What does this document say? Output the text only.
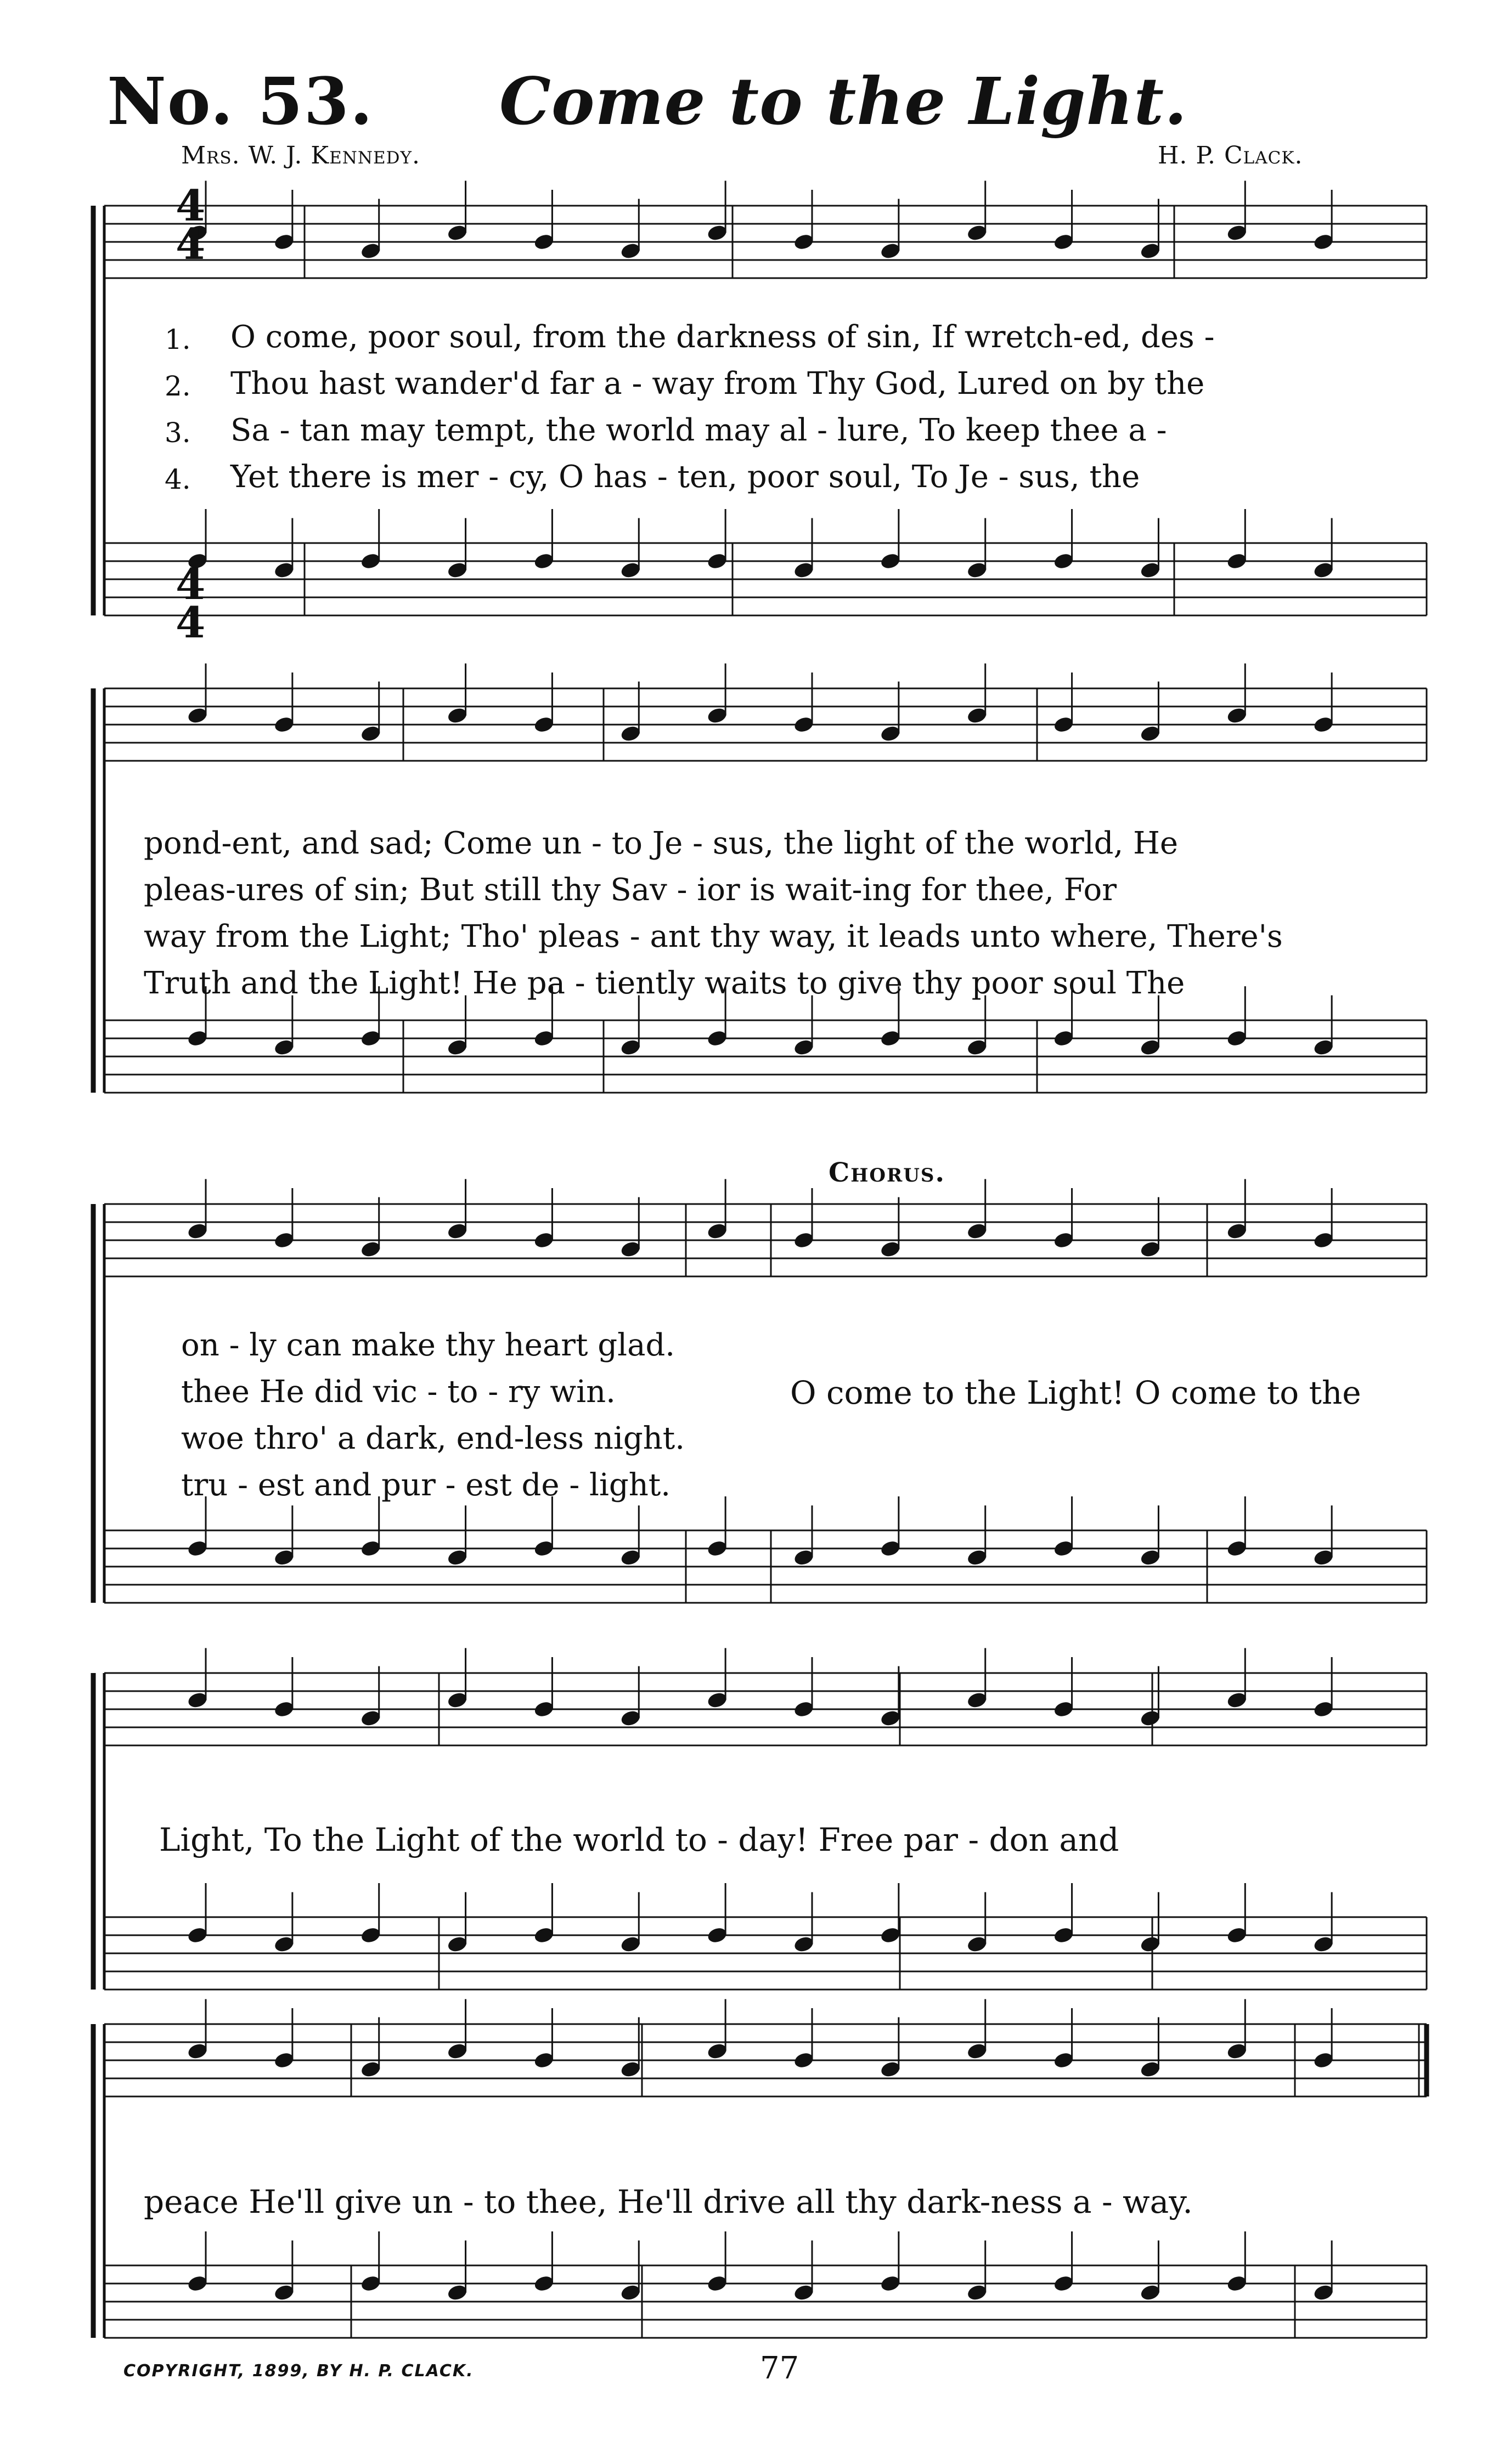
No. 53. Come to the Light.
Mrs. W. J. Kennedy.	H. P. Clack.
4
4
4
4
1. O come, poor soul, from the darkness of sin, If wretch-ed, des -
2. Thou hast wander'd far a - way from Thy God, Lured on by the
3. Sa - tan may tempt, the world may al - lure, To keep thee a -
4. Yet there is mer - cy, O has - ten, poor soul, To Je - sus, the
pond-ent, and sad; Come un - to Je - sus, the light of the world, He
pleas-ures of sin; But still thy Sav - ior is wait-ing for thee, For
way from the Light; Tho' pleas - ant thy way, it leads unto where, There's
Truth and the Light! He pa - tiently waits to give thy poor soul The
Chorus.
on - ly can make thy heart glad.
thee He did vic - to - ry win.
woe thro' a dark, end-less night.
tru - est and pur - est de - light.
O come to the Light! O come to the
Light, To the Light of the world to - day! Free par - don and
peace He'll give un - to thee, He'll drive all thy dark-ness a - way.
COPYRIGHT, 1899, BY H. P. CLACK.	77
